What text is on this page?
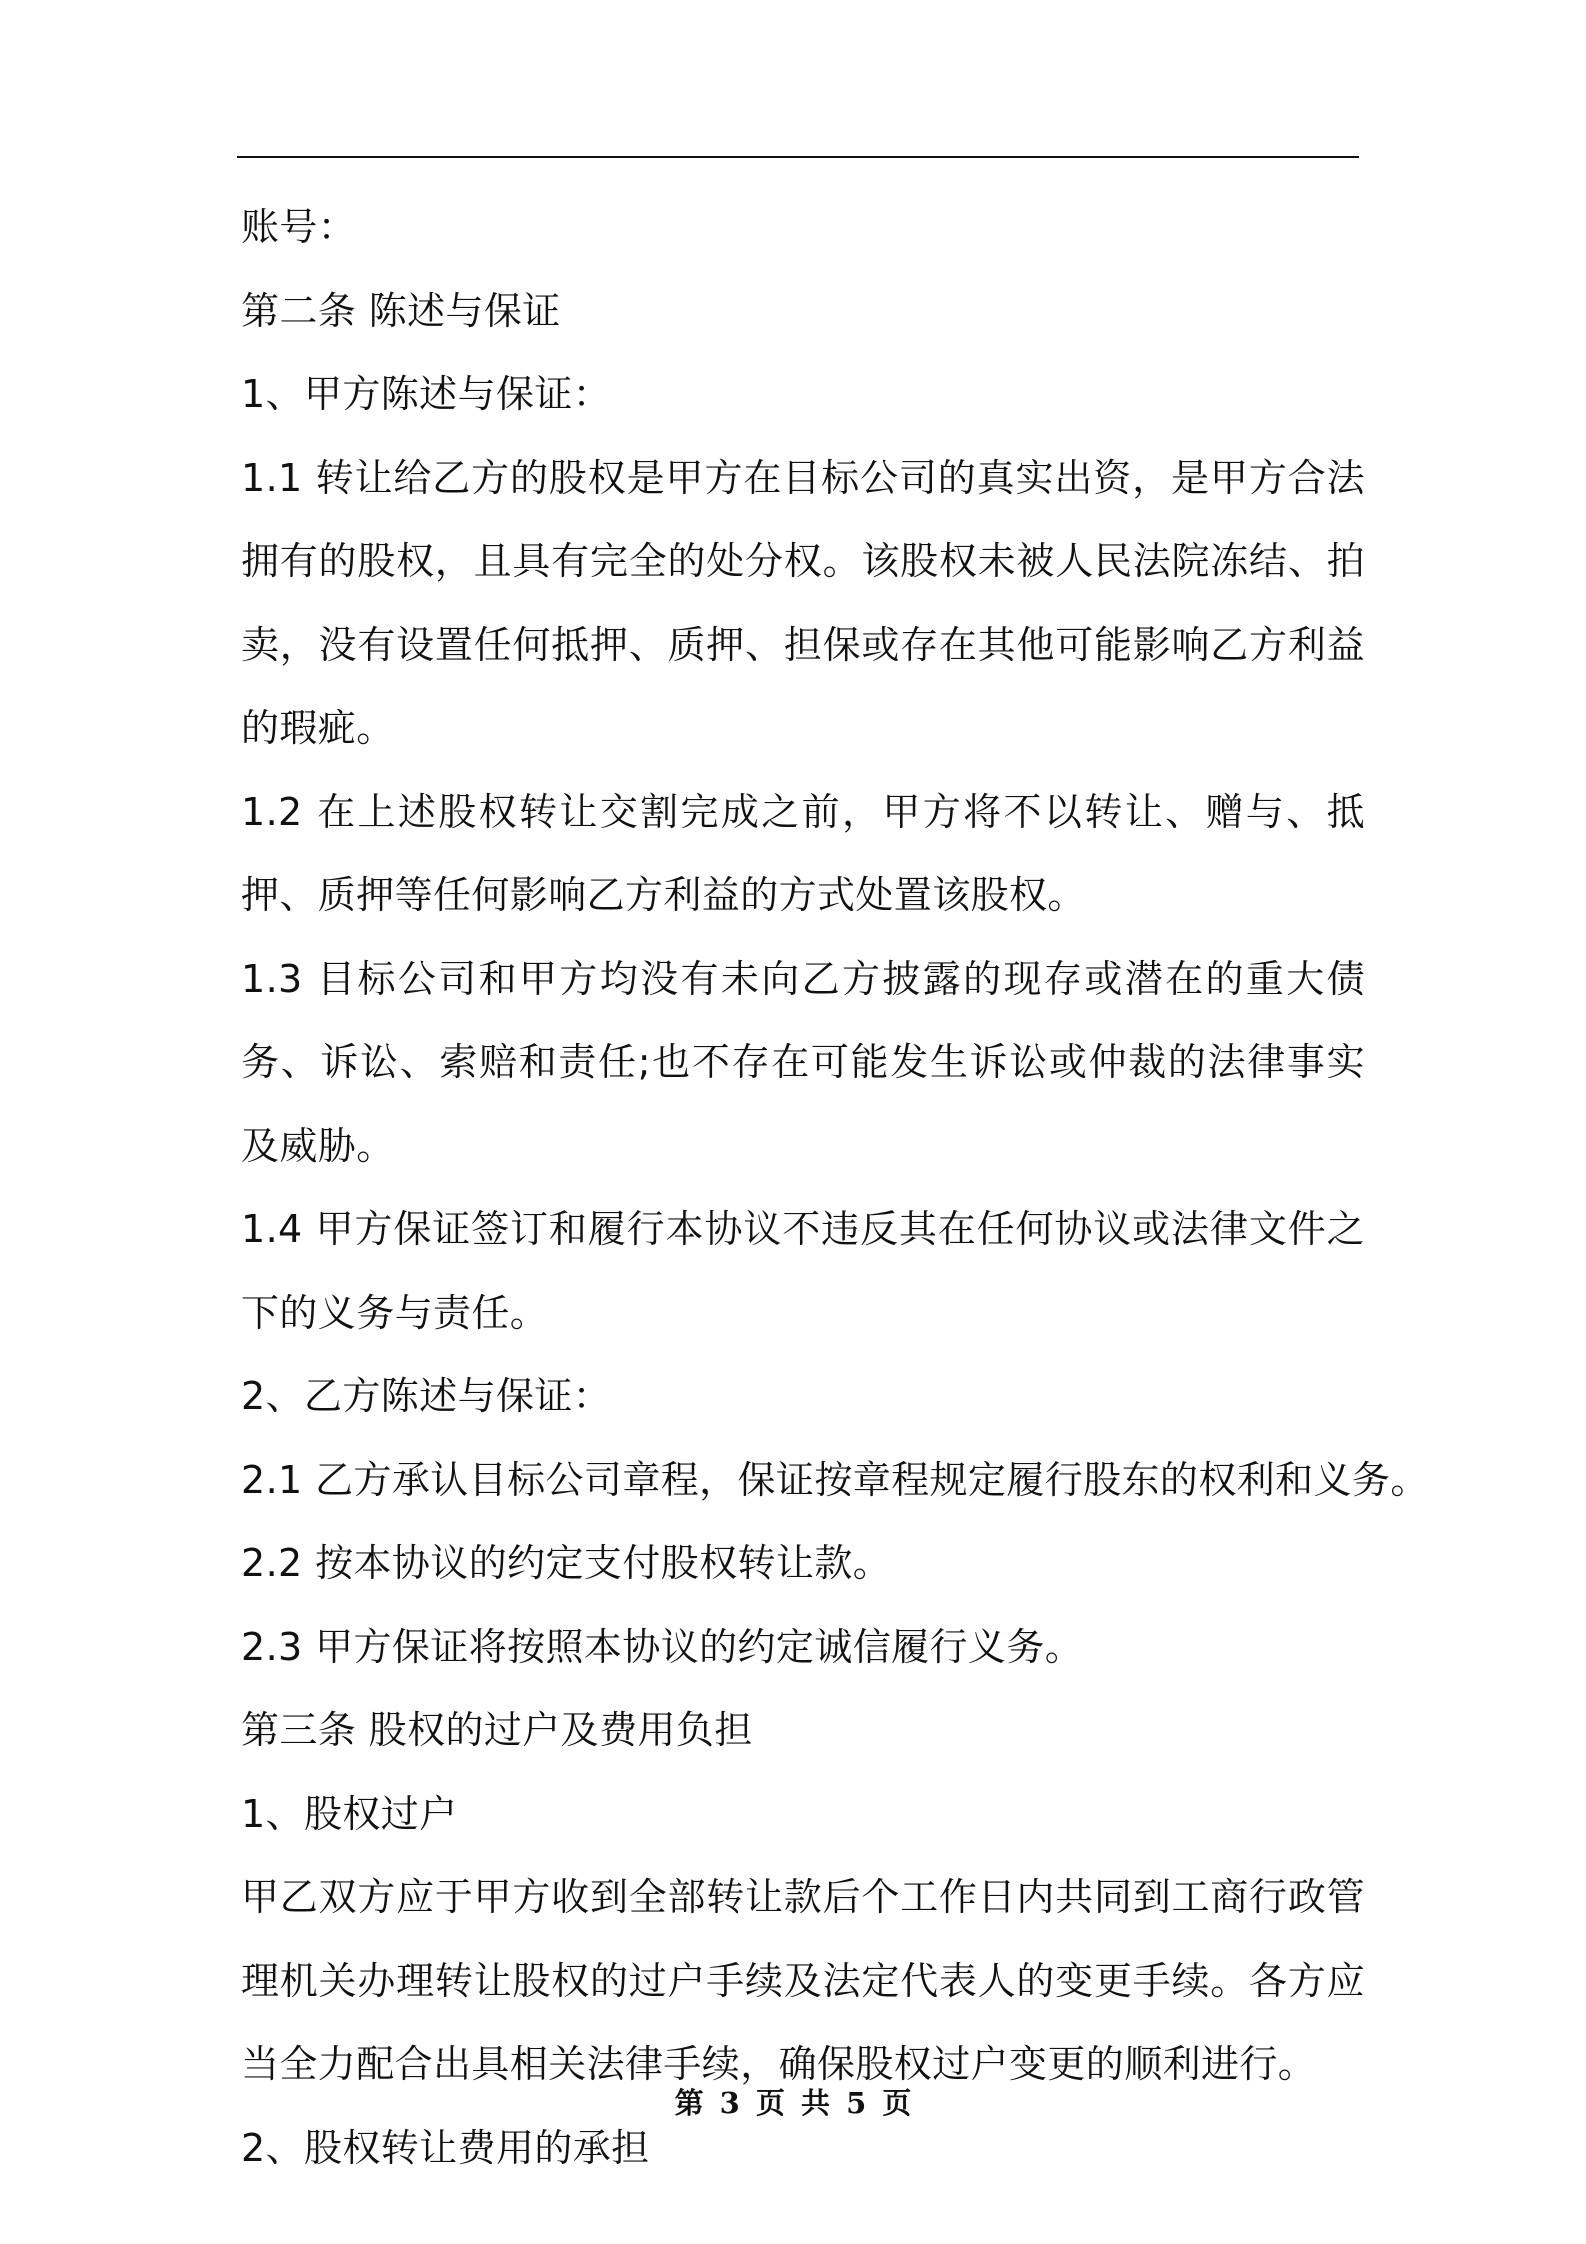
账号：

第二条 陈述与保证

1、甲方陈述与保证：

1.1 转让给乙方的股权是甲方在目标公司的真实出资，是甲方合法拥有的股权，且具有完全的处分权。该股权未被人民法院冻结、拍卖，没有设置任何抵押、质押、担保或存在其他可能影响乙方利益的瑕疵。

1.2 在上述股权转让交割完成之前，甲方将不以转让、赠与、抵押、质押等任何影响乙方利益的方式处置该股权。

1.3 目标公司和甲方均没有未向乙方披露的现存或潜在的重大债务、诉讼、索赔和责任;也不存在可能发生诉讼或仲裁的法律事实及威胁。

1.4 甲方保证签订和履行本协议不违反其在任何协议或法律文件之下的义务与责任。

2、乙方陈述与保证：

2.1 乙方承认目标公司章程，保证按章程规定履行股东的权利和义务。

2.2 按本协议的约定支付股权转让款。

2.3 甲方保证将按照本协议的约定诚信履行义务。

第三条 股权的过户及费用负担

1、股权过户

甲乙双方应于甲方收到全部转让款后个工作日内共同到工商行政管理机关办理转让股权的过户手续及法定代表人的变更手续。各方应当全力配合出具相关法律手续，确保股权过户变更的顺利进行。

2、股权转让费用的承担

第 3 页 共 5 页
